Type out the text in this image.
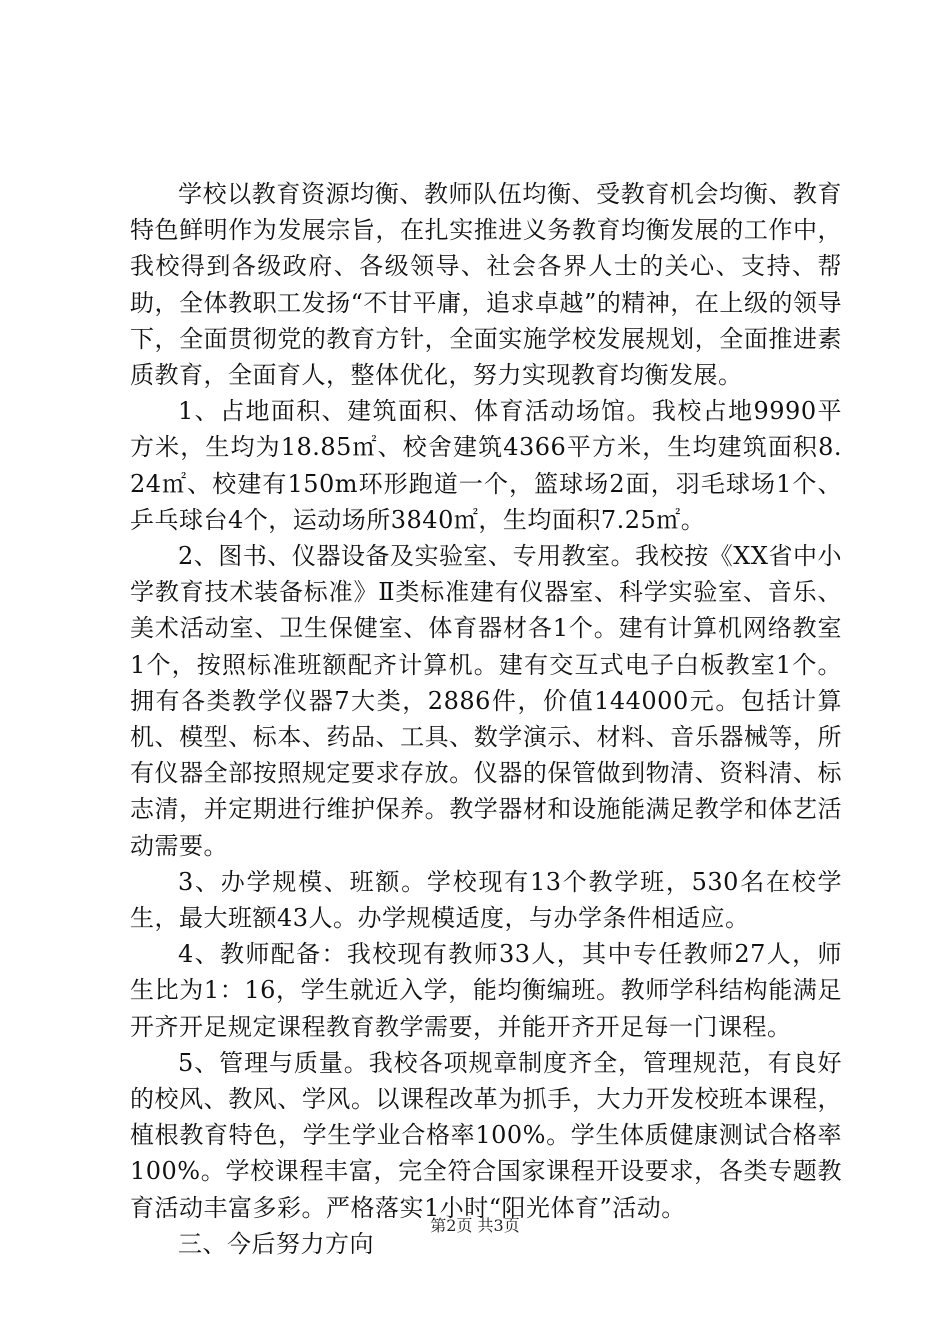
学校以教育资源均衡、教师队伍均衡、受教育机会均衡、教育特色鲜明作为发展宗旨，在扎实推进义务教育均衡发展的工作中，我校得到各级政府、各级领导、社会各界人士的关心、支持、帮助，全体教职工发扬“不甘平庸，追求卓越”的精神，在上级的领导下，全面贯彻党的教育方针，全面实施学校发展规划，全面推进素质教育，全面育人，整体优化，努力实现教育均衡发展。

1、占地面积、建筑面积、体育活动场馆。我校占地9990平方米，生均为18.85㎡、校舍建筑4366平方米，生均建筑面积8.24㎡、校建有150m环形跑道一个，篮球场2面，羽毛球场1个、乒乓球台4个，运动场所3840㎡，生均面积7.25㎡。

2、图书、仪器设备及实验室、专用教室。我校按《XX省中小学教育技术装备标准》Ⅱ类标准建有仪器室、科学实验室、音乐、美术活动室、卫生保健室、体育器材各1个。建有计算机网络教室1个，按照标准班额配齐计算机。建有交互式电子白板教室1个。拥有各类教学仪器7大类，2886件，价值144000元。包括计算机、模型、标本、药品、工具、数学演示、材料、音乐器械等，所有仪器全部按照规定要求存放。仪器的保管做到物清、资料清、标志清，并定期进行维护保养。教学器材和设施能满足教学和体艺活动需要。

3、办学规模、班额。学校现有13个教学班，530名在校学生，最大班额43人。办学规模适度，与办学条件相适应。

4、教师配备：我校现有教师33人，其中专任教师27人，师生比为1：16，学生就近入学，能均衡编班。教师学科结构能满足开齐开足规定课程教育教学需要，并能开齐开足每一门课程。

5、管理与质量。我校各项规章制度齐全，管理规范，有良好的校风、教风、学风。以课程改革为抓手，大力开发校班本课程，植根教育特色，学生学业合格率100%。学生体质健康测试合格率100%。学校课程丰富，完全符合国家课程开设要求，各类专题教育活动丰富多彩。严格落实1小时“阳光体育”活动。

三、今后努力方向

第2页 共3页
